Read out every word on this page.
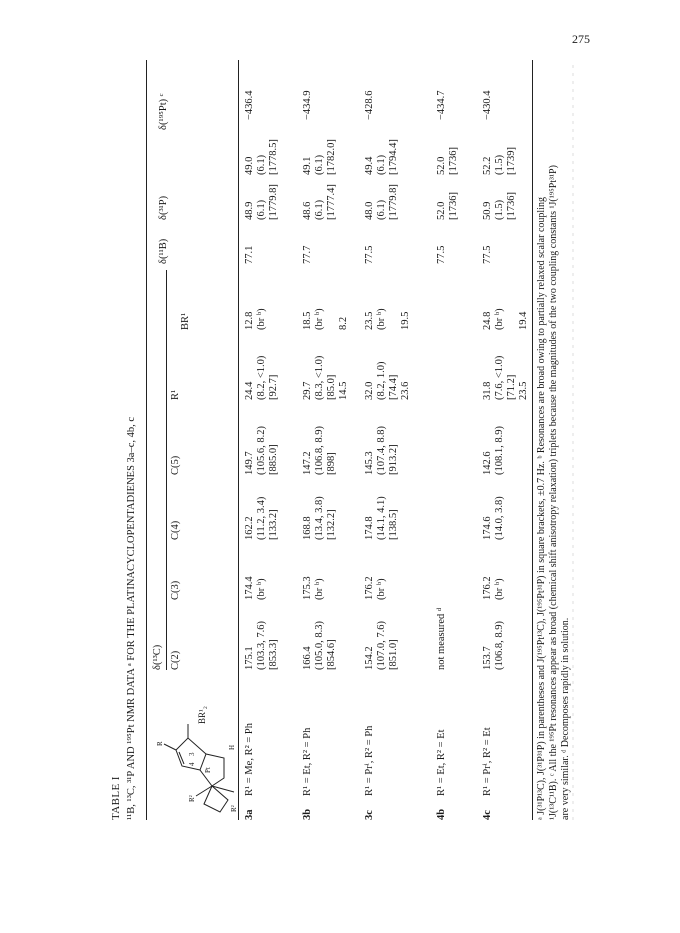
275
TABLE I ¹¹B, ¹³C, ³¹P AND ¹⁹⁵Pt NMR DATA ᵃ FOR THE PLATINACYCLOPENTADIENES 3a–c, 4b, c	Pt
R
4
3
R²
R²
H
BR¹₂
δ(¹³C) C(2)
C(3)
C(4)
C(5)
R¹
BR¹
δ(¹¹B)
δ(³¹P)
δ(¹⁹⁵Pt) ᶜ
3a
R¹ = Me, R² = Ph
175.1 (103.3, 7.6) [853.3]
174.4 (br ᵇ)
162.2 (11.2, 3.4) [133.2]
149.7 (105.6, 8.2) [885.0]
24.4 (8.2, <1.0) [92.7]
12.8 (br ᵇ)
77.1
48.9 (6.1) [1779.8]
49.0 (6.1) [1778.5]
−436.4
3b
R¹ = Et, R² = Ph
166.4 (105.0, 8.3) [854.6]
175.3 (br ᵇ)
168.8 (13.4, 3.8) [132.2]
147.2 (106.8, 8.9) [898]
29.7 (8.3, <1.0) [85.0] 14.5
18.5 (br ᵇ) 8.2
77.7
48.6 (6.1) [1777.4]
49.1 (6.1) [1782.0]
−434.9
3c
R¹ = Prⁱ, R² = Ph
154.2 (107.0, 7.6) [851.0]
176.2 (br ᵇ)
174.8 (14.1, 4.1) [138.5]
145.3 (107.4, 8.8) [913.2]
32.0 (8.2, 1.0) [74.4] 23.6
23.5 (br ᵇ) 19.5
77.5
48.0 (6.1) [1779.8]
49.4 (6.1) [1794.4]
−428.6
4b
R¹ = Et, R² = Et
not measured ᵈ
77.5
52.0 [1736]
52.0 [1736]
−434.7
4c
R¹ = Prⁱ, R² = Et
153.7 (106.8, 8.9)
176.2 (br ᵇ)
174.6 (14.0, 3.8)
142.6 (108.1, 8.9)
31.8 (7.6, <1.0) [71.2] 23.5
24.8 (br ᵇ) 19.4
77.5
50.9 (1.5) [1736]
52.2 (1.5) [1739]
−430.4
ᵃ J(³¹P¹³C), J(³¹P³¹P) in parentheses and J(¹⁹⁵Pt¹³C), J(¹⁹⁵Pt³¹P) in square brackets, ±0.7 Hz. ᵇ Resonances are broad owing to partially relaxed scalar coupling ¹J(¹³C¹¹B). ᶜ All the ¹⁹⁵Pt resonances appear as broad (chemical shift anisotropy relaxation) triplets because the magnitudes of the two coupling constants ¹J(¹⁹⁵Pt³¹P) are very similar. ᵈ Decomposes rapidly in solution.
